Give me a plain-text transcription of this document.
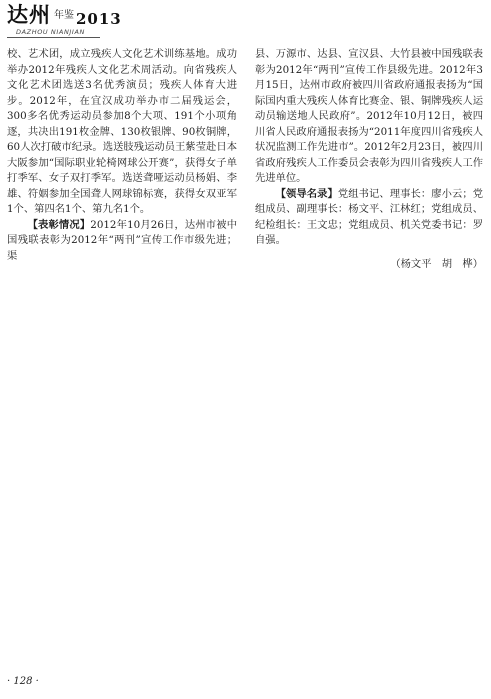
达州 年鉴 2013
DAZHOU NIANJIAN

校、艺术团，成立残疾人文化艺术训练基地。成功举办2012年残疾人文化艺术周活动。向省残疾人文化艺术团选送3名优秀演员；残疾人体育大进步。2012年，在宜汉成功举办市二届残运会，300多名优秀运动员参加8个大项、191个小项角逐，共决出191枚金牌、130枚银牌、90枚铜牌，60人次打破市纪录。选送肢残运动员王紫莹赴日本大阪参加“国际职业轮椅网球公开赛”，获得女子单打季军、女子双打季军。选送聋哑运动员杨娟、李雄、符姻参加全国聋人网球锦标赛，获得女双亚军1个、第四名1个、第九名1个。

【表彰情况】2012年10月26日，达州市被中国残联表彰为2012年“两刊”宣传工作市级先进；渠

县、万源市、达县、宣汉县、大竹县被中国残联表彰为2012年“两刊”宣传工作县级先进。2012年3月15日，达州市政府被四川省政府通报表扬为“国际国内重大残疾人体育比赛金、银、铜牌残疾人运动员输送地人民政府”。2012年10月12日，被四川省人民政府通报表扬为“2011年度四川省残疾人状况监测工作先进市”。2012年2月23日，被四川省政府残疾人工作委员会表彰为四川省残疾人工作先进单位。

【领导名录】党组书记、理事长：廖小云；党组成员、副理事长：杨文平、江林红；党组成员、纪检组长：王文忠；党组成员、机关党委书记：罗自强。

（杨文平　胡　桦）

· 128 ·
